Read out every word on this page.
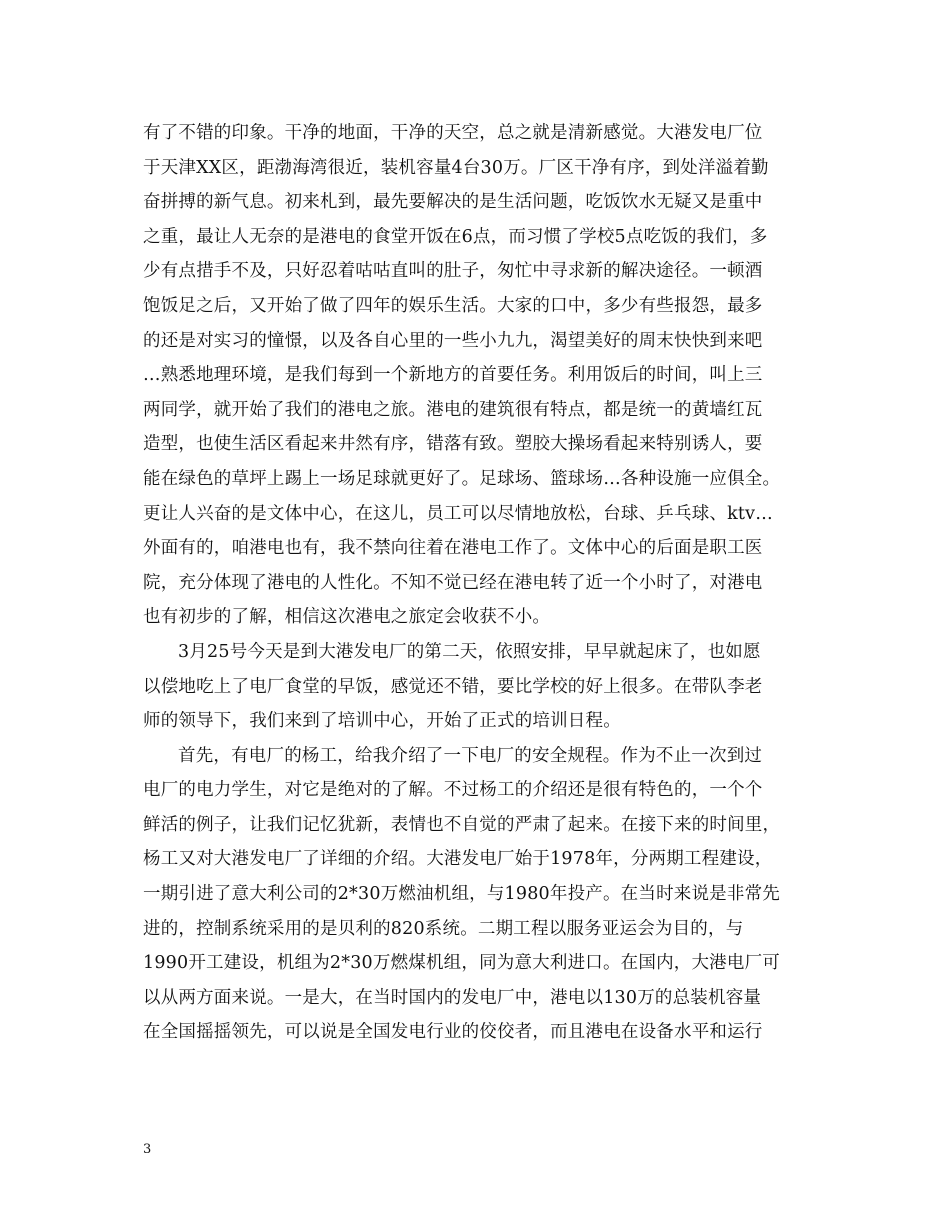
有了不错的印象。干净的地面，干净的天空，总之就是清新感觉。大港发电厂位
于天津XX区，距渤海湾很近，装机容量4台30万。厂区干净有序，到处洋溢着勤
奋拼搏的新气息。初来札到，最先要解决的是生活问题，吃饭饮水无疑又是重中
之重，最让人无奈的是港电的食堂开饭在6点，而习惯了学校5点吃饭的我们，多
少有点措手不及，只好忍着咕咕直叫的肚子，匆忙中寻求新的解决途径。一顿酒
饱饭足之后，又开始了做了四年的娱乐生活。大家的口中，多少有些报怨，最多
的还是对实习的憧憬，以及各自心里的一些小九九，渴望美好的周末快快到来吧
…熟悉地理环境，是我们每到一个新地方的首要任务。利用饭后的时间，叫上三
两同学，就开始了我们的港电之旅。港电的建筑很有特点，都是统一的黄墙红瓦
造型，也使生活区看起来井然有序，错落有致。塑胶大操场看起来特别诱人，要
能在绿色的草坪上踢上一场足球就更好了。足球场、篮球场…各种设施一应俱全。
更让人兴奋的是文体中心，在这儿，员工可以尽情地放松，台球、乒乓球、ktv…
外面有的，咱港电也有，我不禁向往着在港电工作了。文体中心的后面是职工医
院，充分体现了港电的人性化。不知不觉已经在港电转了近一个小时了，对港电
也有初步的了解，相信这次港电之旅定会收获不小。
3月25号今天是到大港发电厂的第二天，依照安排，早早就起床了，也如愿
以偿地吃上了电厂食堂的早饭，感觉还不错，要比学校的好上很多。在带队李老
师的领导下，我们来到了培训中心，开始了正式的培训日程。
首先，有电厂的杨工，给我介绍了一下电厂的安全规程。作为不止一次到过
电厂的电力学生，对它是绝对的了解。不过杨工的介绍还是很有特色的，一个个
鲜活的例子，让我们记忆犹新，表情也不自觉的严肃了起来。在接下来的时间里，
杨工又对大港发电厂了详细的介绍。大港发电厂始于1978年，分两期工程建设，
一期引进了意大利公司的2*30万燃油机组，与1980年投产。在当时来说是非常先
进的，控制系统采用的是贝利的820系统。二期工程以服务亚运会为目的，与
1990开工建设，机组为2*30万燃煤机组，同为意大利进口。在国内，大港电厂可
以从两方面来说。一是大，在当时国内的发电厂中，港电以130万的总装机容量
在全国摇摇领先，可以说是全国发电行业的佼佼者，而且港电在设备水平和运行
3
